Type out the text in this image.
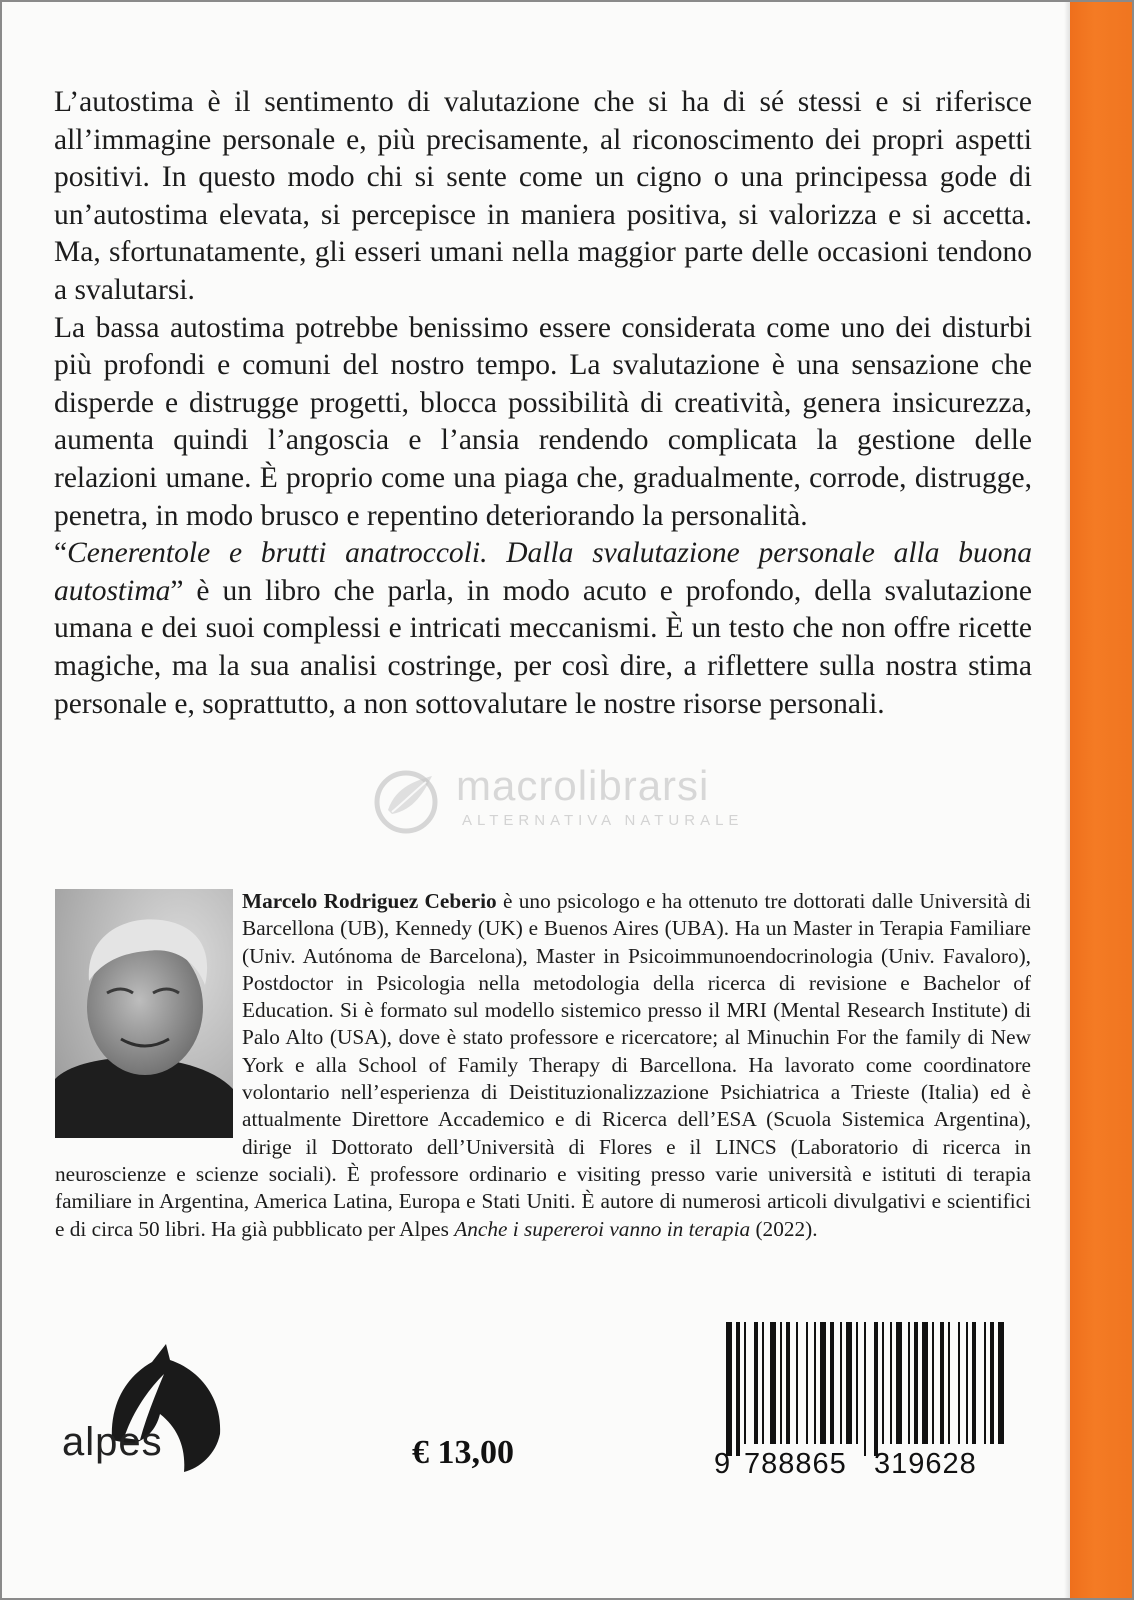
L’autostima è il sentimento di valutazione che si ha di sé stessi e si riferisce all’immagine personale e, più precisamente, al riconoscimento dei propri aspetti positivi. In questo modo chi si sente come un cigno o una principessa gode di un’autostima elevata, si percepisce in maniera positiva, si valorizza e si accetta. Ma, sfortunatamente, gli esseri umani nella maggior parte delle occasioni tendono a svalutarsi.

La bassa autostima potrebbe benissimo essere considerata come uno dei disturbi più profondi e comuni del nostro tempo. La svalutazione è una sensazione che disperde e distrugge progetti, blocca possibilità di creatività, genera insicurezza, aumenta quindi l’angoscia e l’ansia rendendo complicata la gestione delle relazioni umane. È proprio come una piaga che, gradualmente, corrode, distrugge, penetra, in modo brusco e repentino deteriorando la personalità.

“Cenerentole e brutti anatroccoli. Dalla svalutazione personale alla buona autostima” è un libro che parla, in modo acuto e profondo, della svalutazione umana e dei suoi complessi e intricati meccanismi. È un testo che non offre ricette magiche, ma la sua analisi costringe, per così dire, a riflettere sulla nostra stima personale e, soprattutto, a non sottovalutare le nostre risorse personali.

macrolibrarsi
ALTERNATIVA NATURALE

Marcelo Rodriguez Ceberio è uno psicologo e ha ottenuto tre dottorati dalle Università di Barcellona (UB), Kennedy (UK) e Buenos Aires (UBA). Ha un Master in Terapia Familiare (Univ. Autónoma de Barcelona), Master in Psicoimmunoendocrinologia (Univ. Favaloro), Postdoctor in Psicologia nella metodologia della ricerca di revisione e Bachelor of Education. Si è formato sul modello sistemico presso il MRI (Mental Research Institute) di Palo Alto (USA), dove è stato professore e ricercatore; al Minuchin For the family di New York e alla School of Family Therapy di Barcellona. Ha lavorato come coordinatore volontario nell’esperienza di Deistituzionalizzazione Psichiatrica a Trieste (Italia) ed è attualmente Direttore Accademico e di Ricerca dell’ESA (Scuola Sistemica Argentina), dirige il Dottorato dell’Università di Flores e il LINCS (Laboratorio di ricerca in neuroscienze e scienze sociali). È professore ordinario e visiting presso varie università e istituti di terapia familiare in Argentina, America Latina, Europa e Stati Uniti. È autore di numerosi articoli divulgativi e scientifici e di circa 50 libri. Ha già pubblicato per Alpes Anche i supereroi vanno in terapia (2022).

alpes	€ 13,00	9 788865 319628
